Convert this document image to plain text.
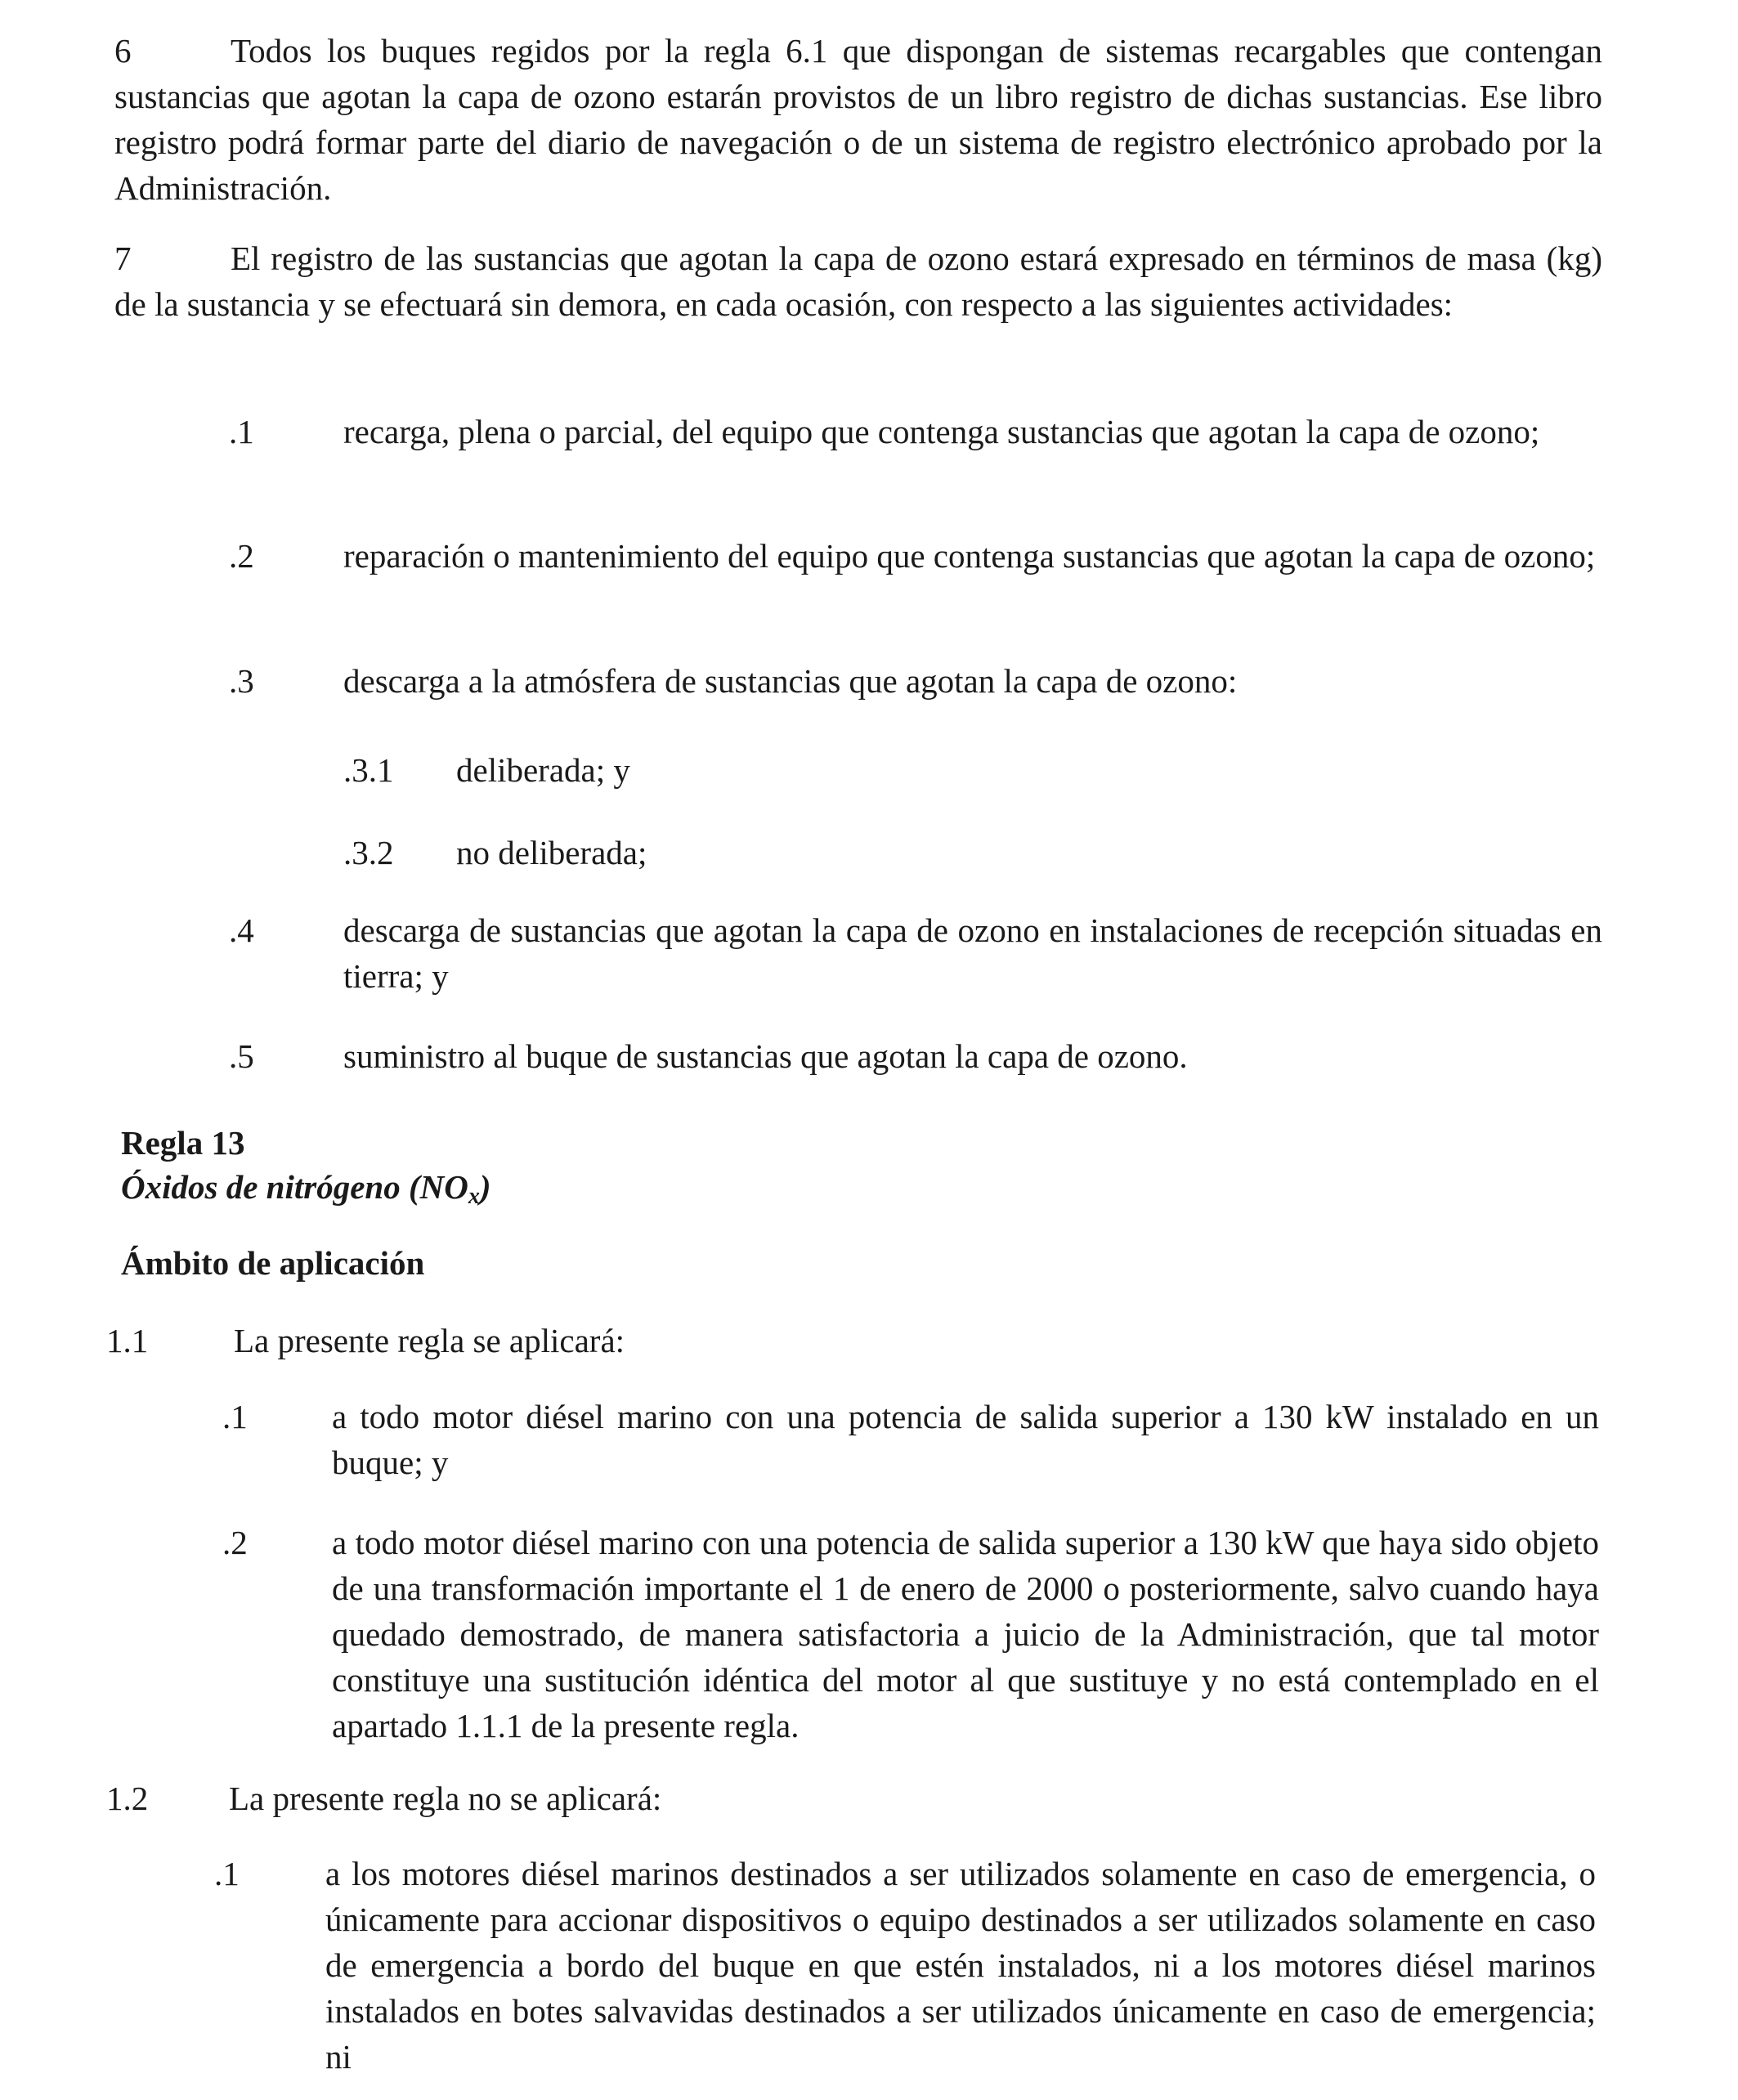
6	Todos los buques regidos por la regla 6.1 que dispongan de sistemas recargables que contengan sustancias que agotan la capa de ozono estarán provistos de un libro registro de dichas sustancias. Ese libro registro podrá formar parte del diario de navegación o de un sistema de registro electrónico aprobado por la Administración.

7	El registro de las sustancias que agotan la capa de ozono estará expresado en términos de masa (kg) de la sustancia y se efectuará sin demora, en cada ocasión, con respecto a las siguientes actividades:

.1	recarga, plena o parcial, del equipo que contenga sustancias que agotan la capa de ozono;
.2	reparación o mantenimiento del equipo que contenga sustancias que agotan la capa de ozono;
.3	descarga a la atmósfera de sustancias que agotan la capa de ozono:
.3.1 deliberada; y
.3.2 no deliberada;
.4	descarga de sustancias que agotan la capa de ozono en instalaciones de recepción situadas en tierra; y
.5	suministro al buque de sustancias que agotan la capa de ozono.
Regla 13
Óxidos de nitrógeno $(NO_x)$
Ámbito de aplicación

1.1	La presente regla se aplicará:

.1	a todo motor diésel marino con una potencia de salida superior a 130 kW instalado en un buque; y
.2	a todo motor diésel marino con una potencia de salida superior a 130 kW que haya sido objeto de una transformación importante el 1 de enero de 2000 o posteriormente, salvo cuando haya quedado demostrado, de manera satisfactoria a juicio de la Administración, que tal motor constituye una sustitución idéntica del motor al que sustituye y no está contemplado en el apartado 1.1.1 de la presente regla.

1.2 La presente regla no se aplicará:

.1	a los motores diésel marinos destinados a ser utilizados solamente en caso de emergencia, o únicamente para accionar dispositivos o equipo destinados a ser utilizados solamente en caso de emergencia a bordo del buque en que estén instalados, ni a los motores diésel marinos instalados en botes salvavidas destinados a ser utilizados únicamente en caso de emergencia; ni
